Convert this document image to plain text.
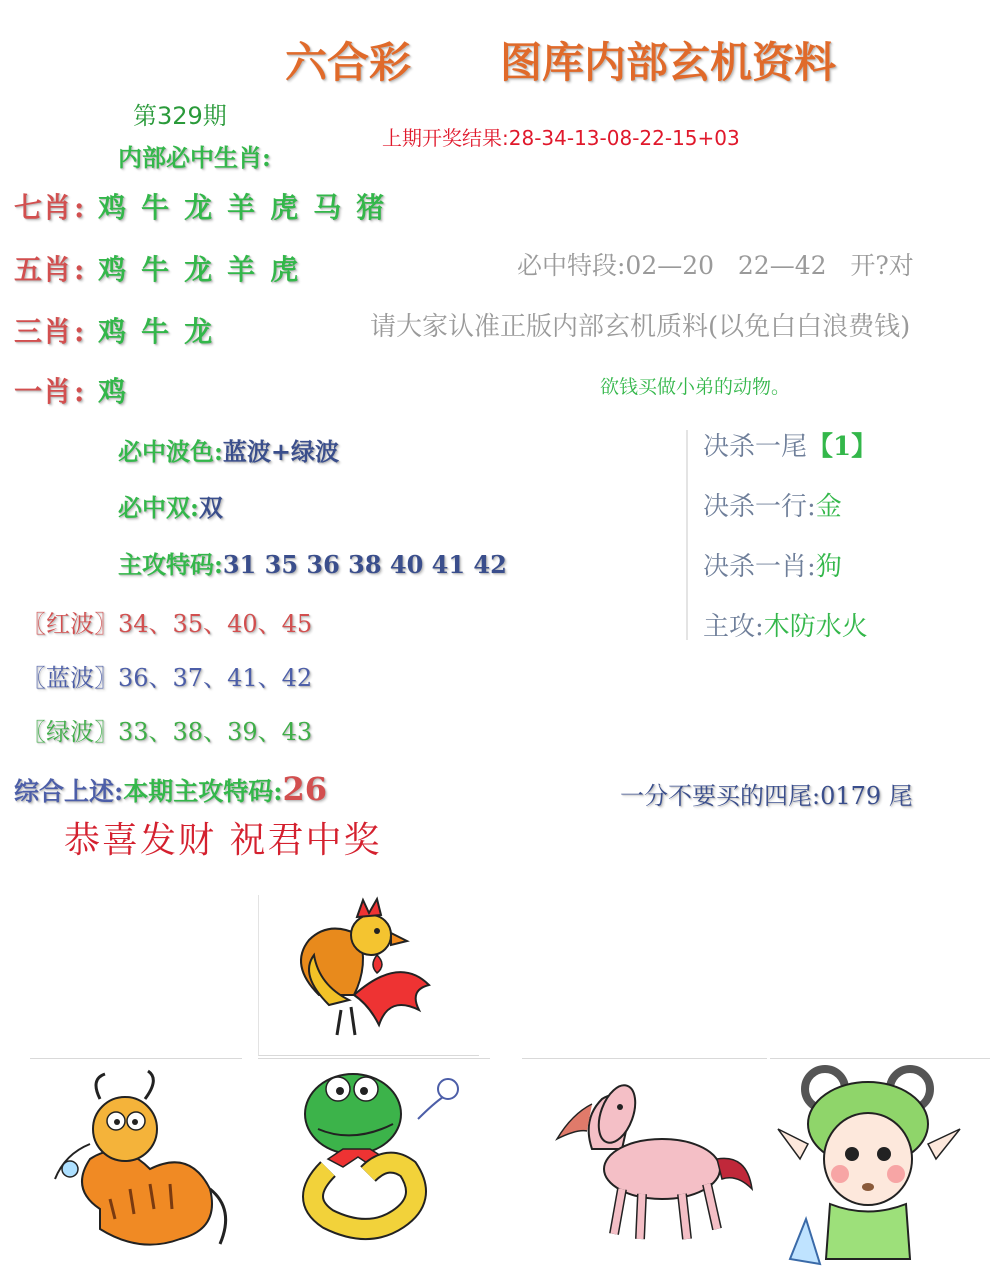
六合彩 图库内部玄机资料
第329期
内部必中生肖:
上期开奖结果:28-34-13-08-22-15+03
七肖: 鸡 牛 龙 羊 虎 马 猪
五肖: 鸡 牛 龙 羊 虎
三肖: 鸡 牛 龙
一肖: 鸡
必中特段:02—20   22—42   开?对
请大家认准正版内部玄机质料(以免白白浪费钱)
欲钱买做小弟的动物。
必中波色:蓝波+绿波
必中双:双
主攻特码:31 35 36 38 40 41 42
决杀一尾【1】
决杀一行:金
决杀一肖:狗
主攻:木防水火
〖红波〗34、35、40、45
〖蓝波〗36、37、41、42
〖绿波〗33、38、39、43
综合上述:本期主攻特码:26	一分不要买的四尾:0179 尾
恭喜发财 祝君中奖
